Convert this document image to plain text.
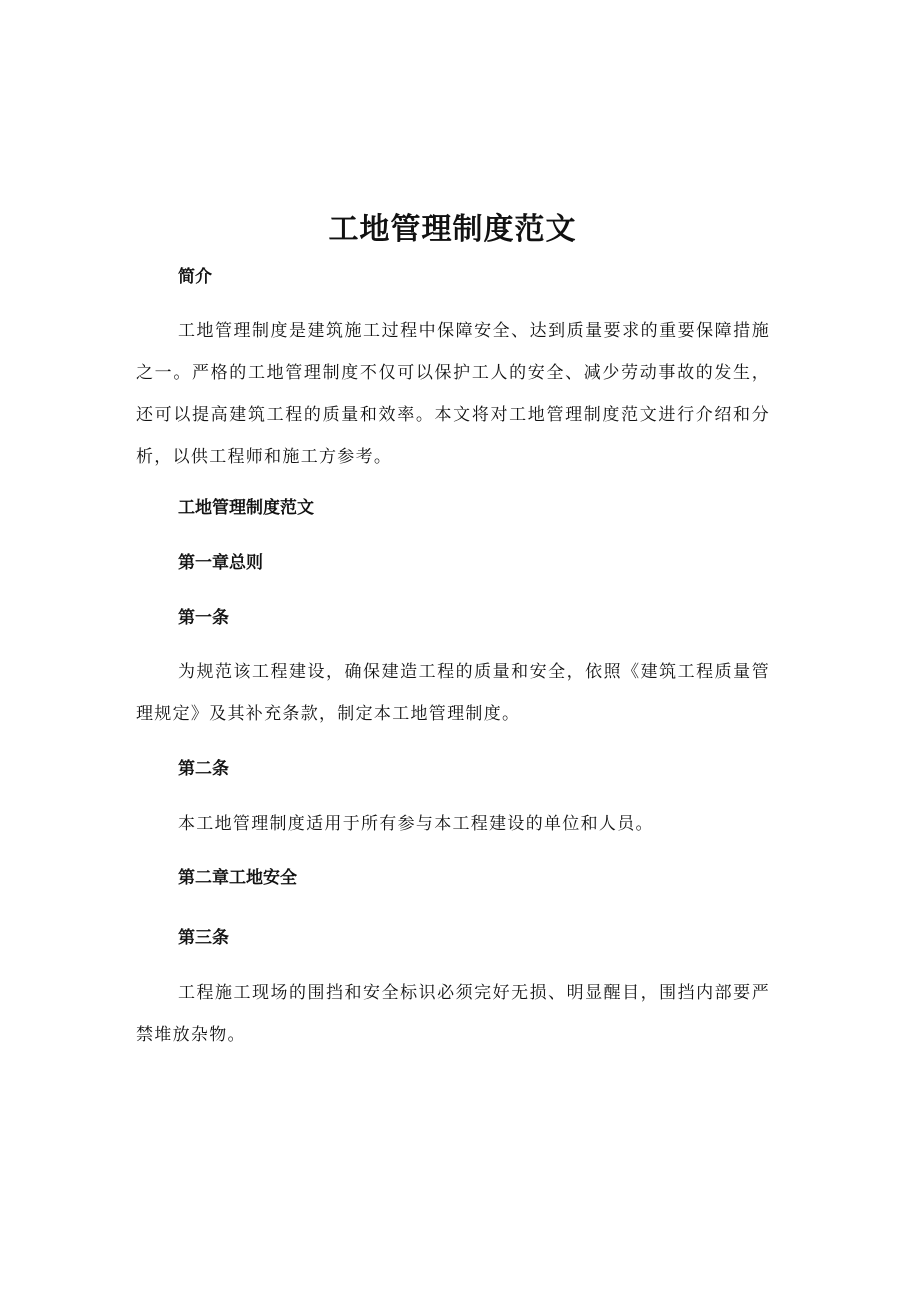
工地管理制度范文
简介

工地管理制度是建筑施工过程中保障安全、达到质量要求的重要保障措施之一。严格的工地管理制度不仅可以保护工人的安全、减少劳动事故的发生，还可以提高建筑工程的质量和效率。本文将对工地管理制度范文进行介绍和分析，以供工程师和施工方参考。

工地管理制度范文
第一章总则
第一条

为规范该工程建设，确保建造工程的质量和安全，依照《建筑工程质量管理规定》及其补充条款，制定本工地管理制度。

第二条

本工地管理制度适用于所有参与本工程建设的单位和人员。

第二章工地安全
第三条

工程施工现场的围挡和安全标识必须完好无损、明显醒目，围挡内部要严禁堆放杂物。
